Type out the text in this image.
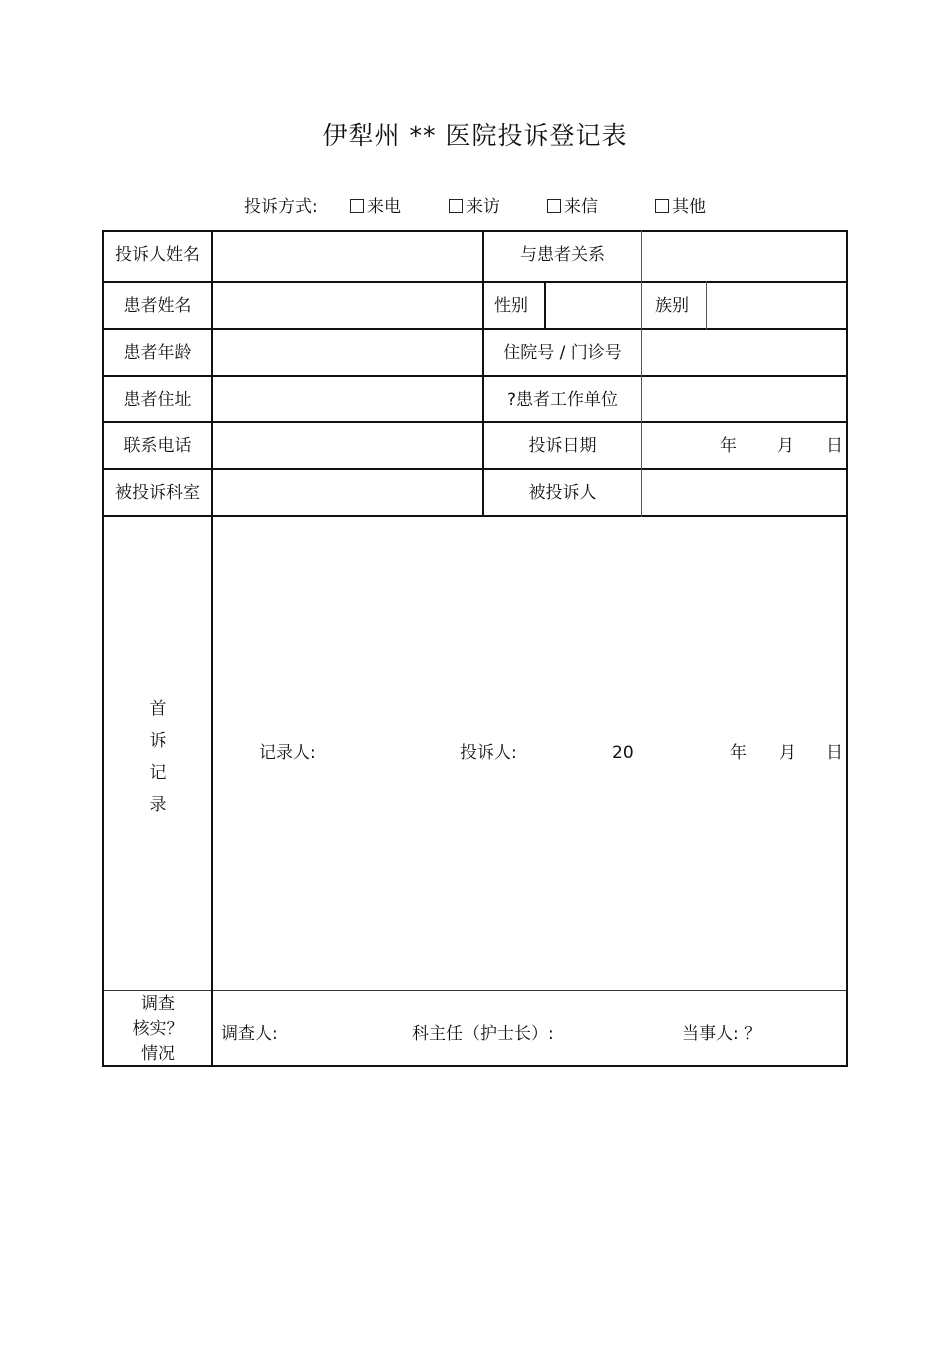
伊犁州 ** 医院投诉登记表
投诉方式:	来电	来访	来信	其他
投诉人姓名	与患者关系
患者姓名	性别	族别
患者年龄	住院号 / 门诊号
患者住址	?患者工作单位
联系电话	投诉日期	年 月 日
被投诉科室	被投诉人
首
诉
记
录
记录人:	投诉人:	20	年 月 日
调查
核实？
情况
调查人:	科主任（护士长）:	当事人: ？
